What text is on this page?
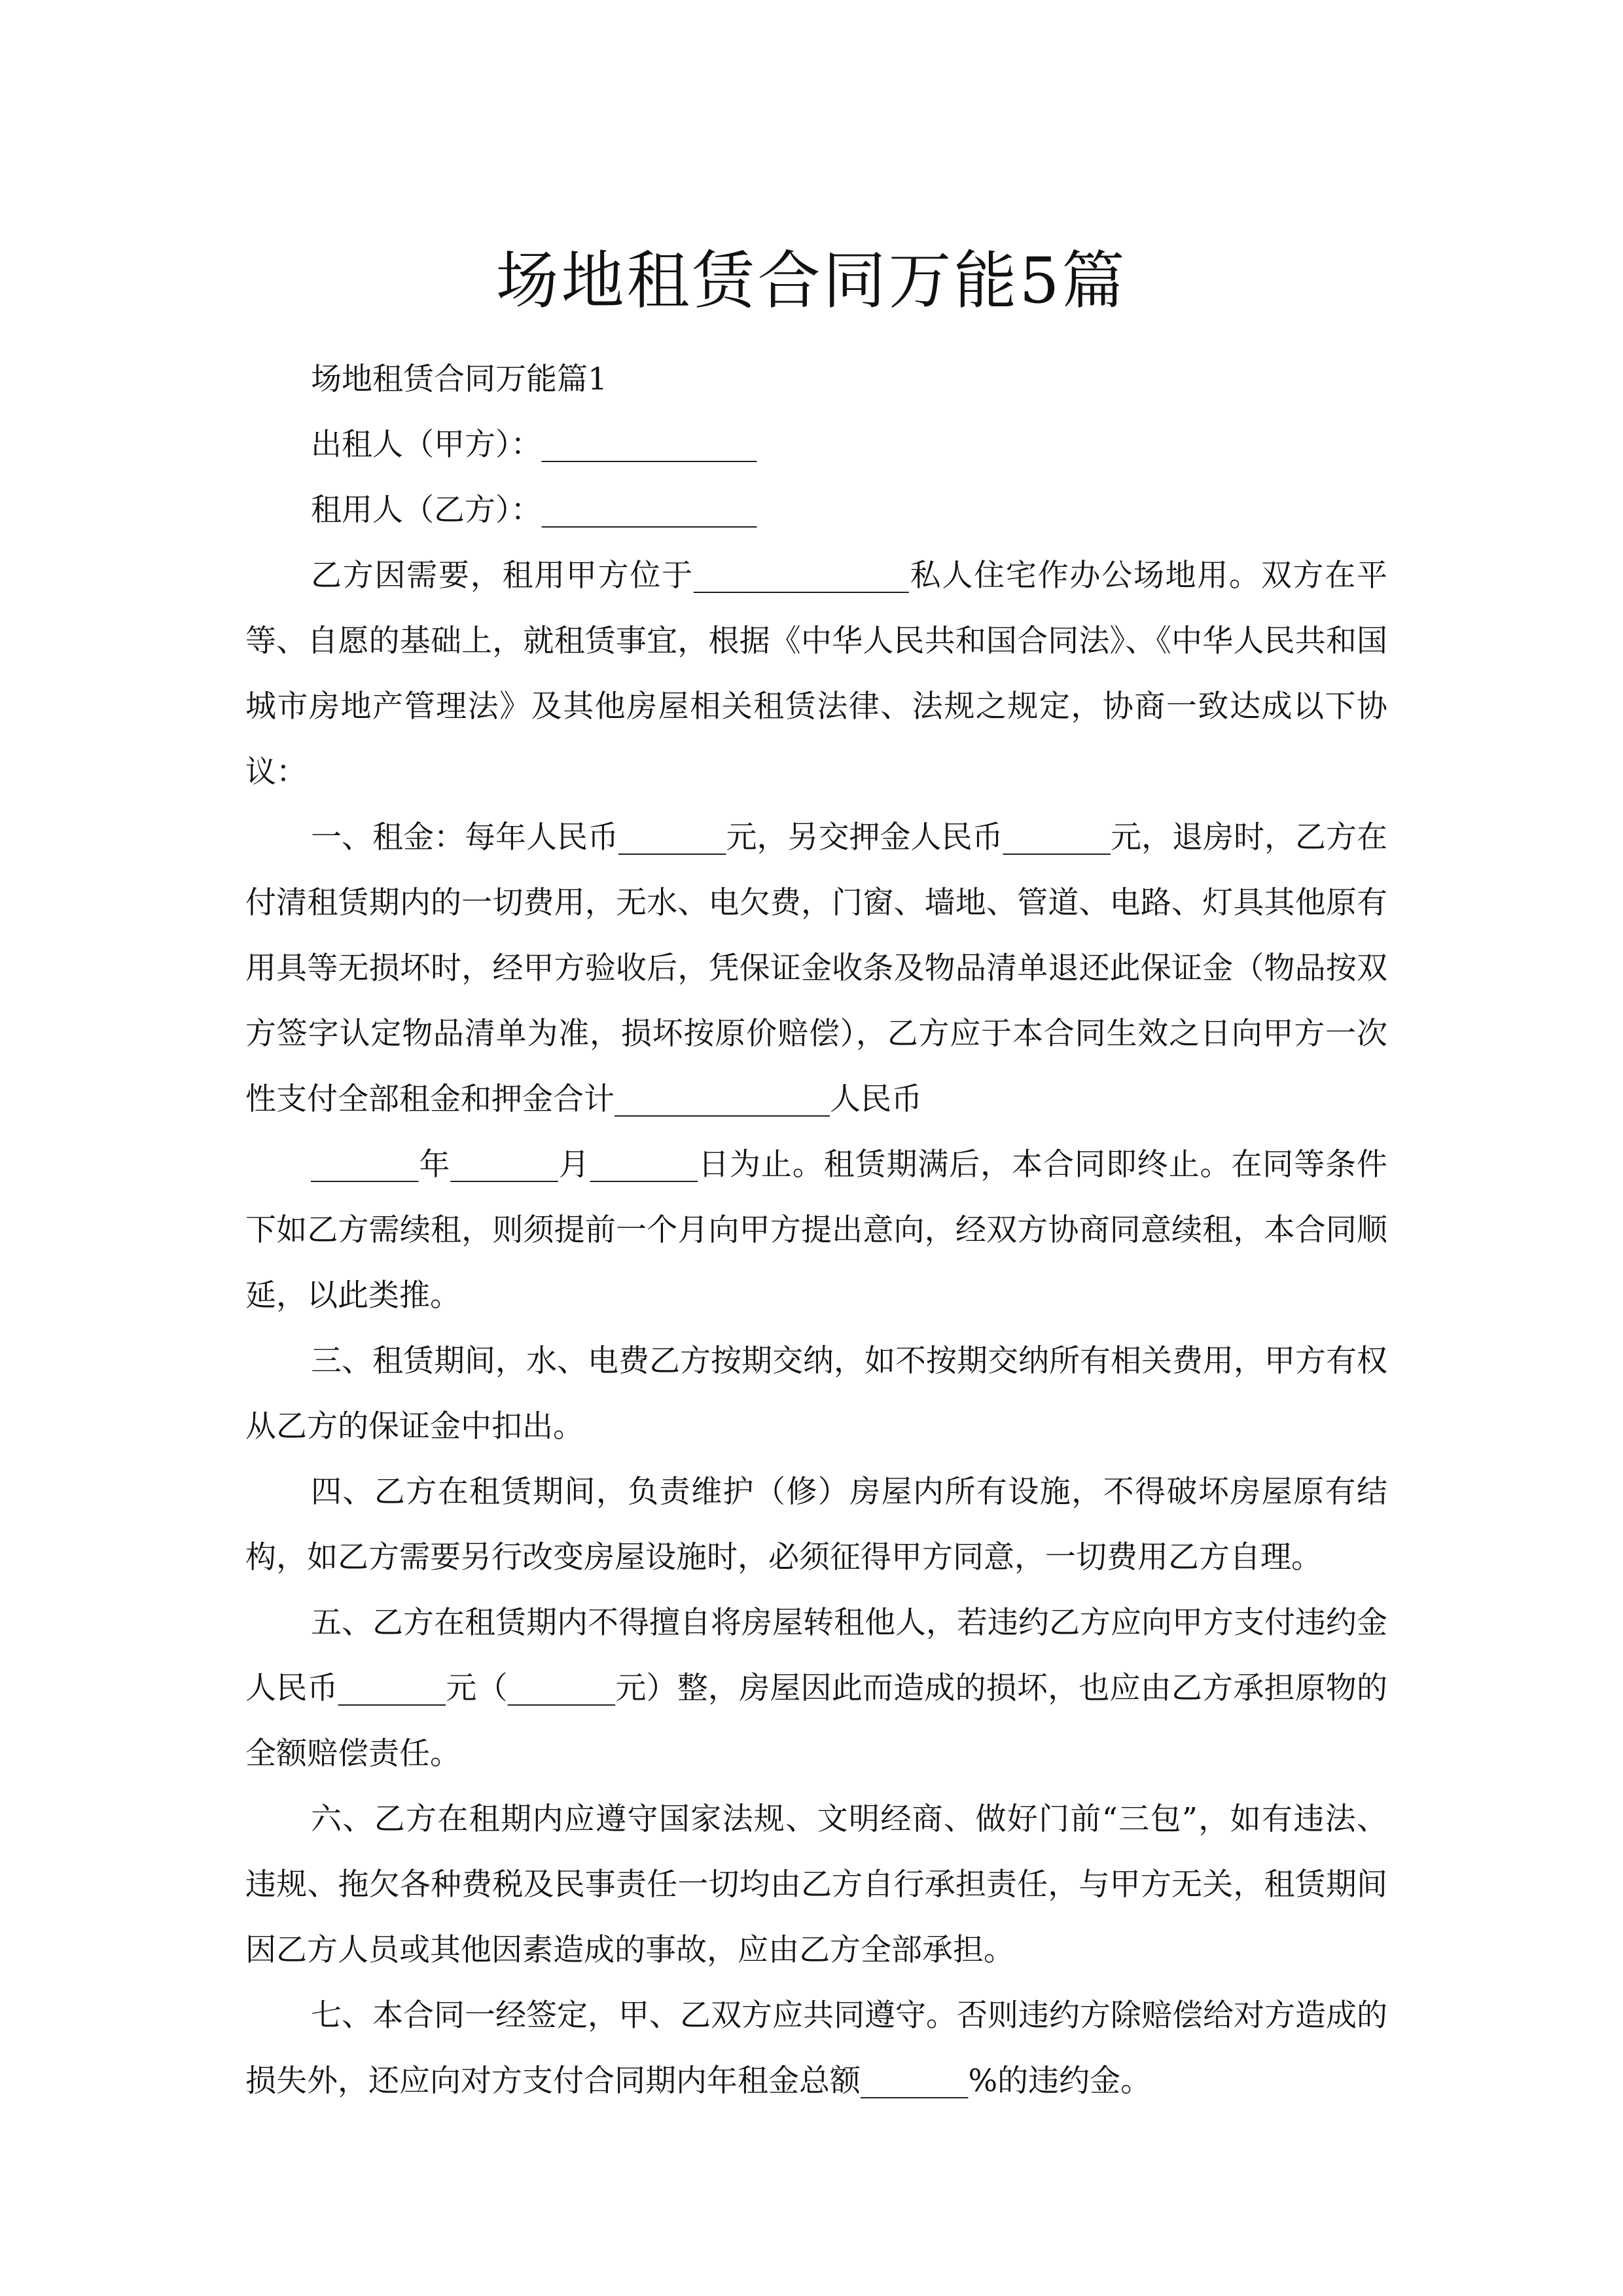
场地租赁合同万能5篇

场地租赁合同万能篇1

出租人（甲方）：______________

租用人（乙方）：______________

乙方因需要，租用甲方位于______________私人住宅作办公场地用。双方在平等、自愿的基础上，就租赁事宜，根据《中华人民共和国合同法》、《中华人民共和国城市房地产管理法》及其他房屋相关租赁法律、法规之规定，协商一致达成以下协议：

一、租金：每年人民币_______元，另交押金人民币_______元，退房时，乙方在付清租赁期内的一切费用，无水、电欠费，门窗、墙地、管道、电路、灯具其他原有用具等无损坏时，经甲方验收后，凭保证金收条及物品清单退还此保证金（物品按双方签字认定物品清单为准，损坏按原价赔偿），乙方应于本合同生效之日向甲方一次性支付全部租金和押金合计______________人民币

_______年_______月_______日为止。租赁期满后，本合同即终止。在同等条件下如乙方需续租，则须提前一个月向甲方提出意向，经双方协商同意续租，本合同顺延，以此类推。

三、租赁期间，水、电费乙方按期交纳，如不按期交纳所有相关费用，甲方有权从乙方的保证金中扣出。

四、乙方在租赁期间，负责维护（修）房屋内所有设施，不得破坏房屋原有结构，如乙方需要另行改变房屋设施时，必须征得甲方同意，一切费用乙方自理。

五、乙方在租赁期内不得擅自将房屋转租他人，若违约乙方应向甲方支付违约金人民币_______元（_______元）整，房屋因此而造成的损坏，也应由乙方承担原物的全额赔偿责任。

六、乙方在租期内应遵守国家法规、文明经商、做好门前“三包”，如有违法、违规、拖欠各种费税及民事责任一切均由乙方自行承担责任，与甲方无关，租赁期间因乙方人员或其他因素造成的事故，应由乙方全部承担。

七、本合同一经签定，甲、乙双方应共同遵守。否则违约方除赔偿给对方造成的损失外，还应向对方支付合同期内年租金总额_______%的违约金。
